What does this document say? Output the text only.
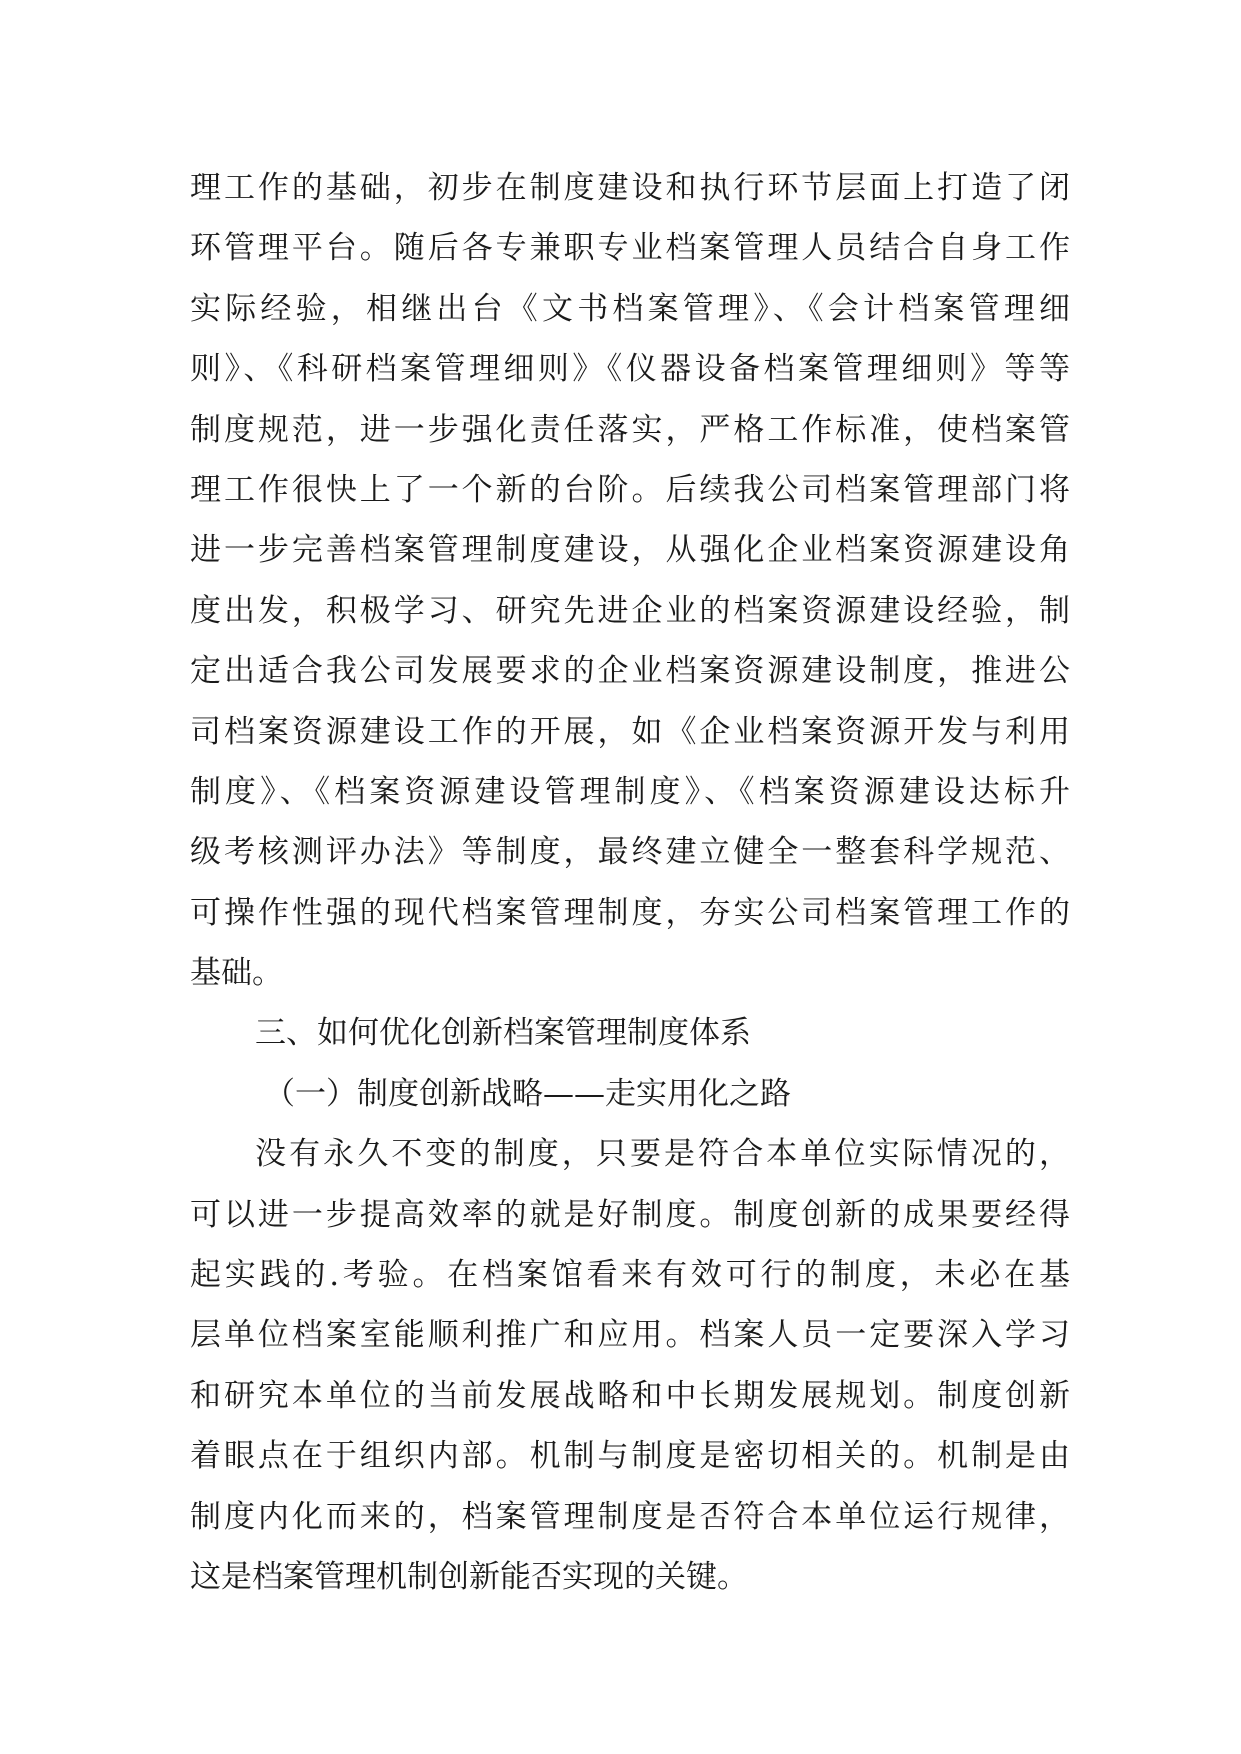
理工作的基础，初步在制度建设和执行环节层面上打造了闭
环管理平台。随后各专兼职专业档案管理人员结合自身工作
实际经验，相继出台《文书档案管理》、《会计档案管理细
则》、《科研档案管理细则》《仪器设备档案管理细则》等等
制度规范，进一步强化责任落实，严格工作标准，使档案管
理工作很快上了一个新的台阶。后续我公司档案管理部门将
进一步完善档案管理制度建设，从强化企业档案资源建设角
度出发，积极学习、研究先进企业的档案资源建设经验，制
定出适合我公司发展要求的企业档案资源建设制度，推进公
司档案资源建设工作的开展，如《企业档案资源开发与利用
制度》、《档案资源建设管理制度》、《档案资源建设达标升
级考核测评办法》等制度，最终建立健全一整套科学规范、
可操作性强的现代档案管理制度，夯实公司档案管理工作的
基础。
三、如何优化创新档案管理制度体系
（一）制度创新战略——走实用化之路
没有永久不变的制度，只要是符合本单位实际情况的，
可以进一步提高效率的就是好制度。制度创新的成果要经得
起实践的.考验。在档案馆看来有效可行的制度，未必在基
层单位档案室能顺利推广和应用。档案人员一定要深入学习
和研究本单位的当前发展战略和中长期发展规划。制度创新
着眼点在于组织内部。机制与制度是密切相关的。机制是由
制度内化而来的，档案管理制度是否符合本单位运行规律，
这是档案管理机制创新能否实现的关键。
